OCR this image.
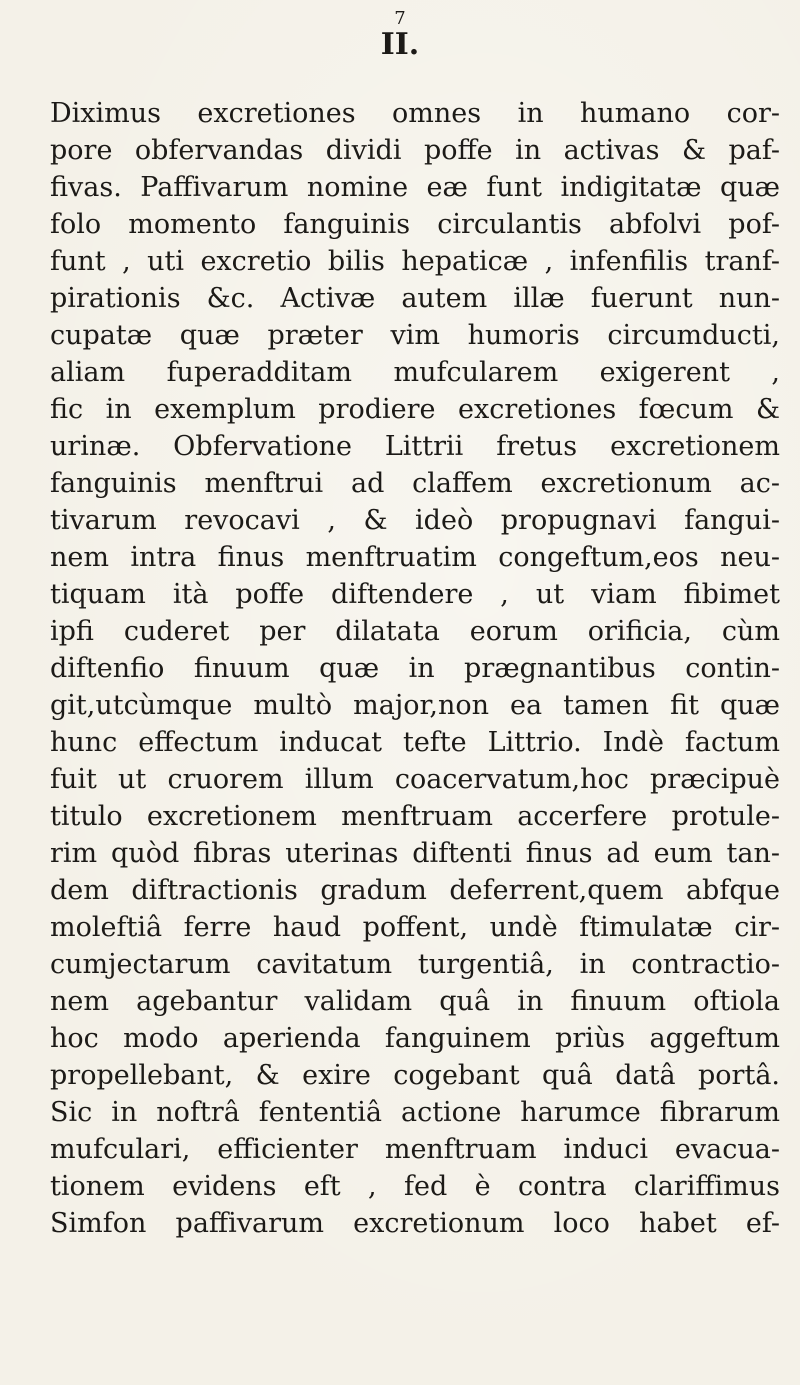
7
II.
Diximus excretiones omnes in humano cor-
pore obfervandas dividi poffe in activas & paf-
fivas. Paffivarum nomine eæ funt indigitatæ quæ
folo momento fanguinis circulantis abfolvi pof-
funt , uti excretio bilis hepaticæ , infenfilis tranf-
pirationis &c. Activæ autem illæ fuerunt nun-
cupatæ quæ præter vim humoris circumducti,
aliam fuperadditam mufcularem exigerent ,
fic in exemplum prodiere excretiones fœcum &
urinæ. Obfervatione Littrii fretus excretionem
fanguinis menftrui ad claffem excretionum ac-
tivarum revocavi , & ideò propugnavi fangui-
nem intra finus menftruatim congeftum,eos neu-
tiquam ità poffe diftendere , ut viam fibimet
ipfi cuderet per dilatata eorum orificia, cùm
diftenfio finuum quæ in prægnantibus contin-
git,utcùmque multò major,non ea tamen fit quæ
hunc effectum inducat tefte Littrio. Indè factum
fuit ut cruorem illum coacervatum,hoc præcipuè
titulo excretionem menftruam accerfere protule-
rim quòd fibras uterinas diftenti finus ad eum tan-
dem diftractionis gradum deferrent,quem abfque
moleftiâ ferre haud poffent, undè ftimulatæ cir-
cumjectarum cavitatum turgentiâ, in contractio-
nem agebantur validam quâ in finuum oftiola
hoc modo aperienda fanguinem priùs aggeftum
propellebant, & exire cogebant quâ datâ portâ.
Sic in noftrâ fententiâ actione harumce fibrarum
mufculari, efficienter menftruam induci evacua-
tionem evidens eft , fed è contra clariffimus
Simfon paffivarum excretionum loco habet ef-
